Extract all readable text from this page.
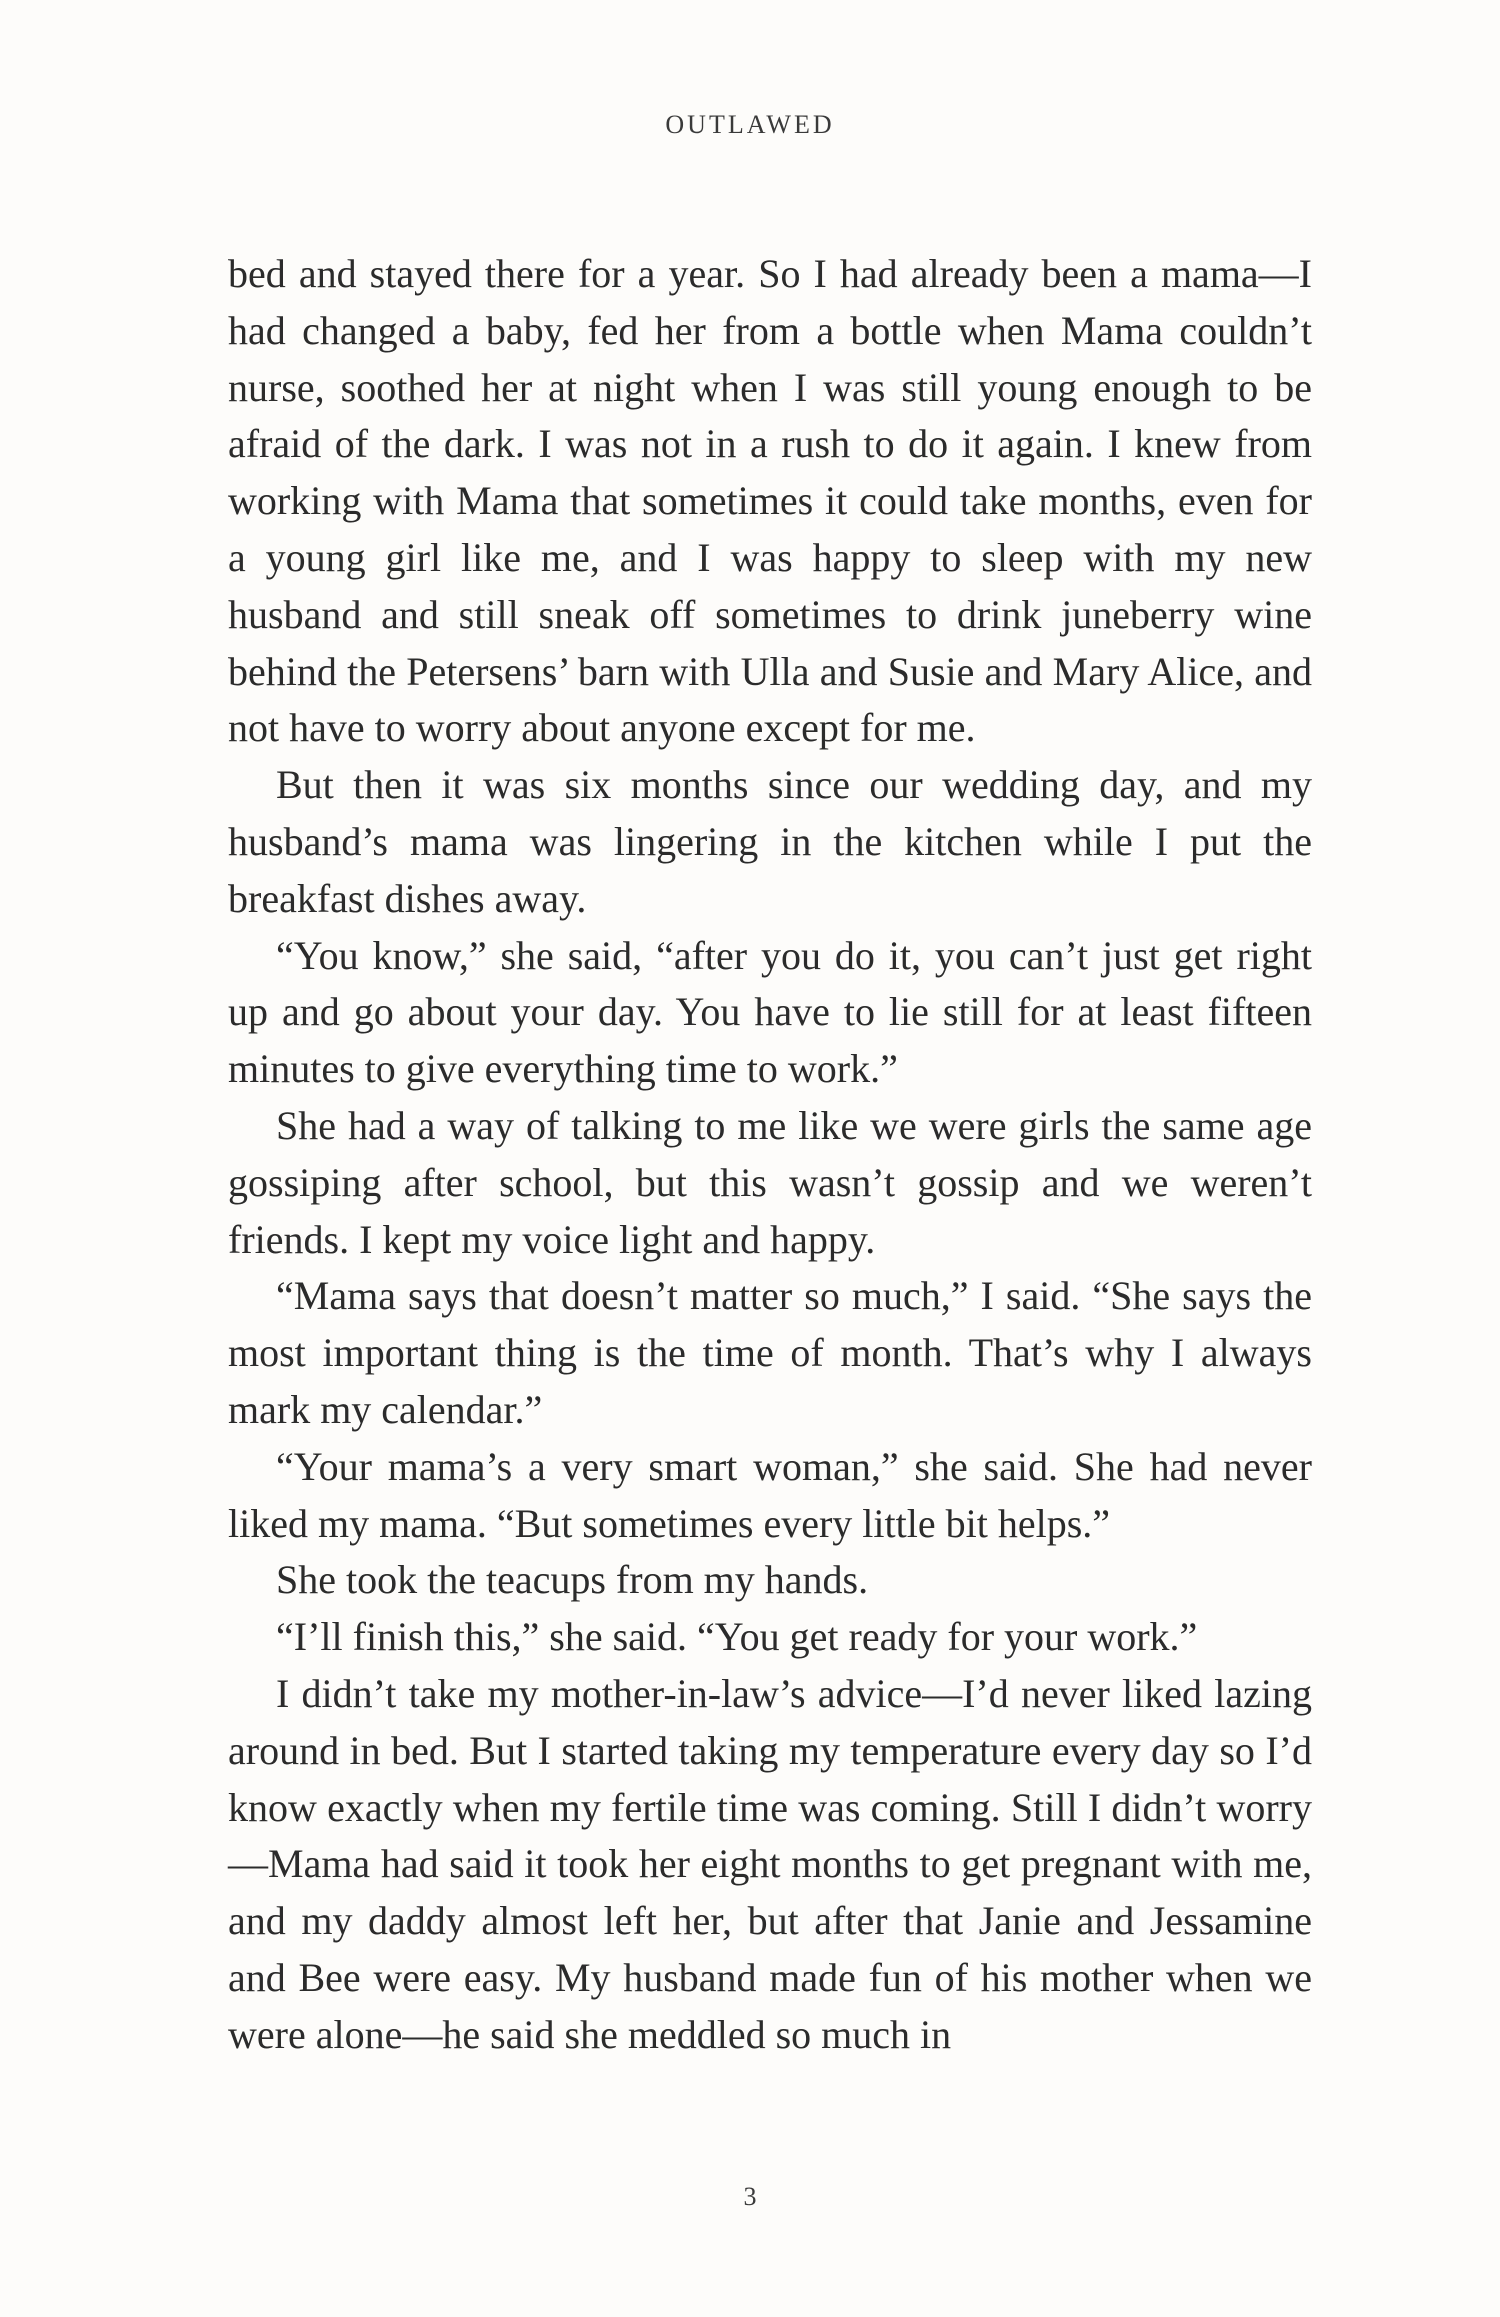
OUTLAWED

bed and stayed there for a year. So I had already been a mama—I had changed a baby, fed her from a bottle when Mama couldn’t nurse, soothed her at night when I was still young enough to be afraid of the dark. I was not in a rush to do it again. I knew from working with Mama that sometimes it could take months, even for a young girl like me, and I was happy to sleep with my new husband and still sneak off sometimes to drink juneberry wine behind the Petersens’ barn with Ulla and Susie and Mary Alice, and not have to worry about anyone except for me.

But then it was six months since our wedding day, and my husband’s mama was lingering in the kitchen while I put the breakfast dishes away.

“You know,” she said, “after you do it, you can’t just get right up and go about your day. You have to lie still for at least fifteen minutes to give everything time to work.”

She had a way of talking to me like we were girls the same age gossiping after school, but this wasn’t gossip and we weren’t friends. I kept my voice light and happy.

“Mama says that doesn’t matter so much,” I said. “She says the most important thing is the time of month. That’s why I always mark my calendar.”

“Your mama’s a very smart woman,” she said. She had never liked my mama. “But sometimes every little bit helps.”

She took the teacups from my hands.

“I’ll finish this,” she said. “You get ready for your work.”

I didn’t take my mother-in-law’s advice—I’d never liked lazing around in bed. But I started taking my temperature every day so I’d know exactly when my fertile time was coming. Still I didn’t worry—Mama had said it took her eight months to get pregnant with me, and my daddy almost left her, but after that Janie and Jessamine and Bee were easy. My husband made fun of his mother when we were alone—he said she meddled so much in

3
